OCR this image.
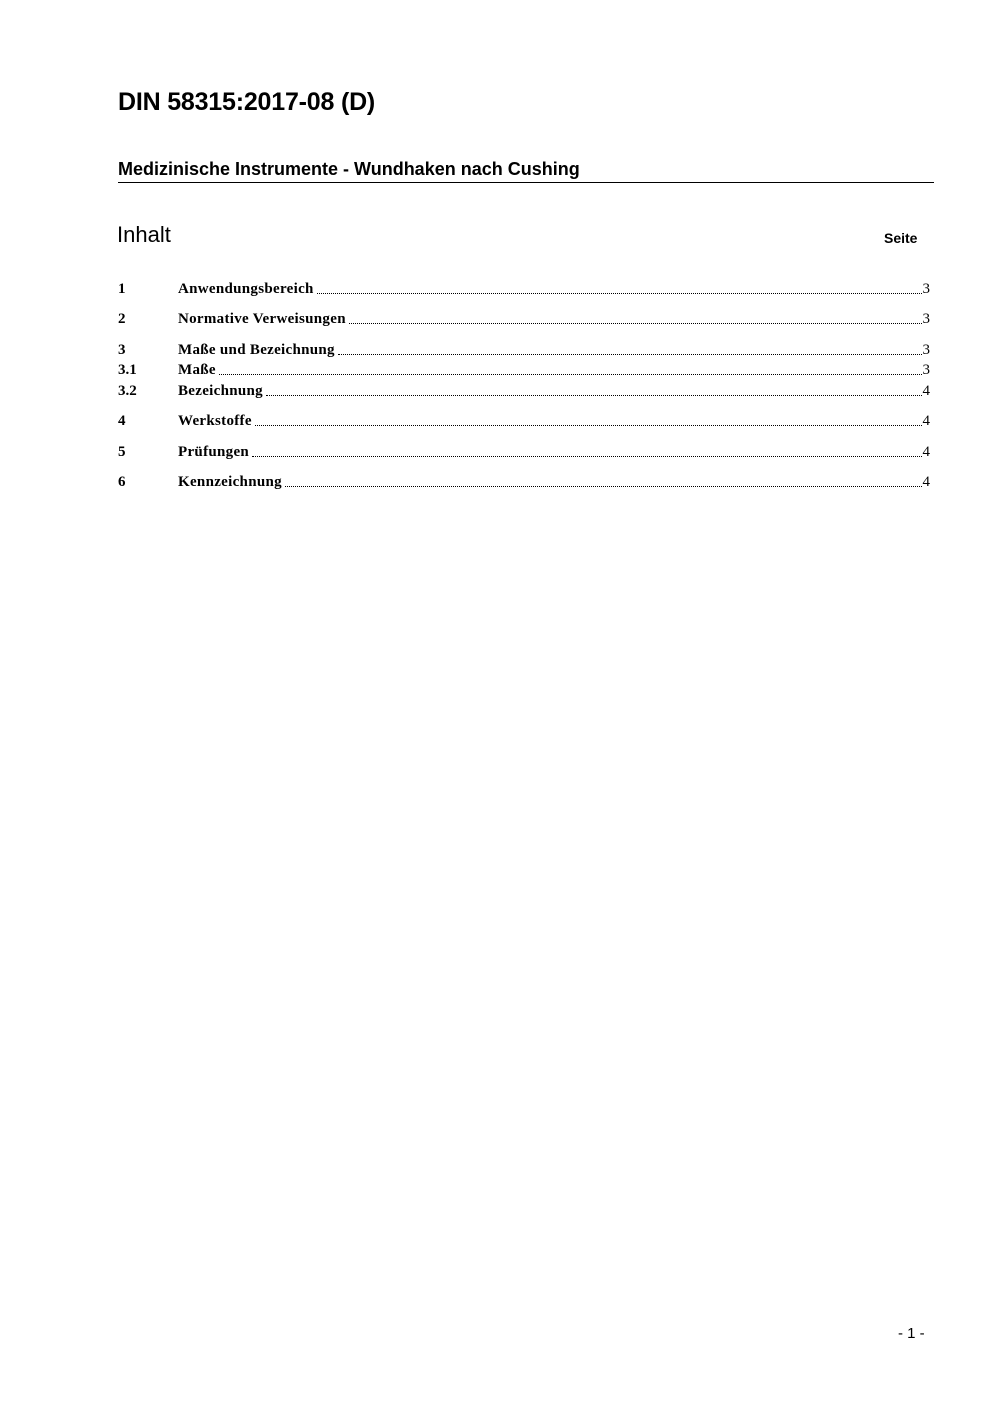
DIN 58315:2017-08 (D)
Medizinische Instrumente - Wundhaken nach Cushing
Inhalt	Seite
1	Anwendungsbereich	3
2	Normative Verweisungen	3
3	Maße und Bezeichnung	3
3.1	Maße	3
3.2	Bezeichnung	4
4	Werkstoffe	4
5	Prüfungen	4
6	Kennzeichnung	4
- 1 -
